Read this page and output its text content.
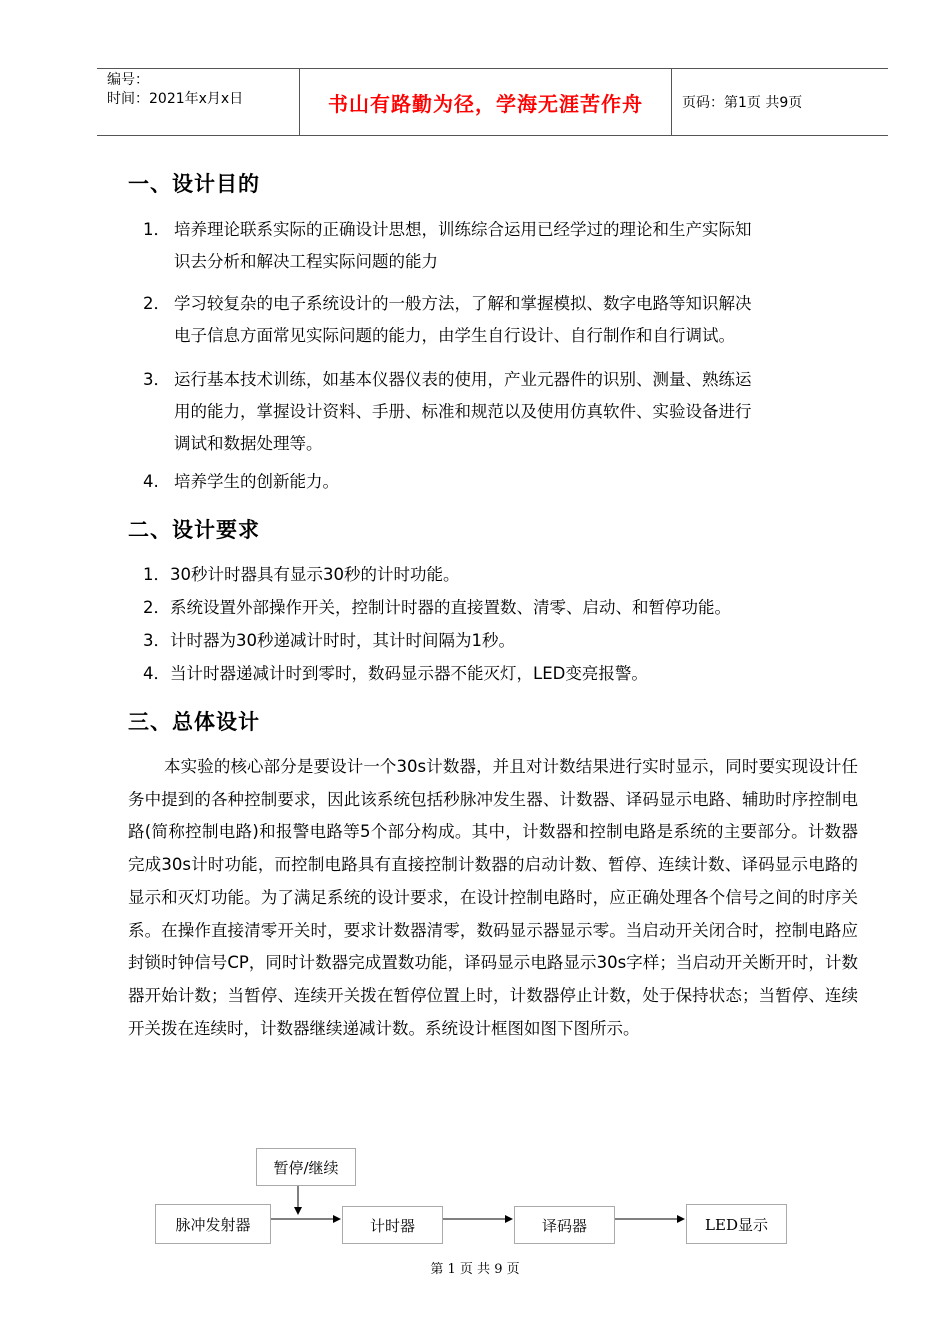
编号：
时间：2021年x月x日	书山有路勤为径，学海无涯苦作舟	页码：第1页 共9页
一、设计目的
1． 培养理论联系实际的正确设计思想，训练综合运用已经学过的理论和生产实际知
识去分析和解决工程实际问题的能力
2． 学习较复杂的电子系统设计的一般方法，了解和掌握模拟、数字电路等知识解决
电子信息方面常见实际问题的能力，由学生自行设计、自行制作和自行调试。
3． 运行基本技术训练，如基本仪器仪表的使用，产业元器件的识别、测量、熟练运
用的能力，掌握设计资料、手册、标准和规范以及使用仿真软件、实验设备进行
调试和数据处理等。
4. 培养学生的创新能力。
二、设计要求
1．30秒计时器具有显示30秒的计时功能。
2．系统设置外部操作开关，控制计时器的直接置数、清零、启动、和暂停功能。
3．计时器为30秒递减计时时，其计时间隔为1秒。
4．当计时器递减计时到零时，数码显示器不能灭灯，LED变亮报警。
三、总体设计
本实验的核心部分是要设计一个30s计数器，并且对计数结果进行实时显示，同时要实现设计任务中提到的各种控制要求，因此该系统包括秒脉冲发生器、计数器、译码显示电路、辅助时序控制电路(简称控制电路)和报警电路等5个部分构成。其中，计数器和控制电路是系统的主要部分。计数器完成30s计时功能，而控制电路具有直接控制计数器的启动计数、暂停、连续计数、译码显示电路的显示和灭灯功能。为了满足系统的设计要求，在设计控制电路时，应正确处理各个信号之间的时序关系。在操作直接清零开关时，要求计数器清零，数码显示器显示零。当启动开关闭合时，控制电路应封锁时钟信号CP，同时计数器完成置数功能，译码显示电路显示30s字样；当启动开关断开时，计数器开始计数；当暂停、连续开关拨在暂停位置上时，计数器停止计数，处于保持状态；当暂停、连续开关拨在连续时，计数器继续递减计数。系统设计框图如图下图所示。
暂停/继续
脉冲发射器	计时器	译码器	LED显示
第 1 页 共 9 页
